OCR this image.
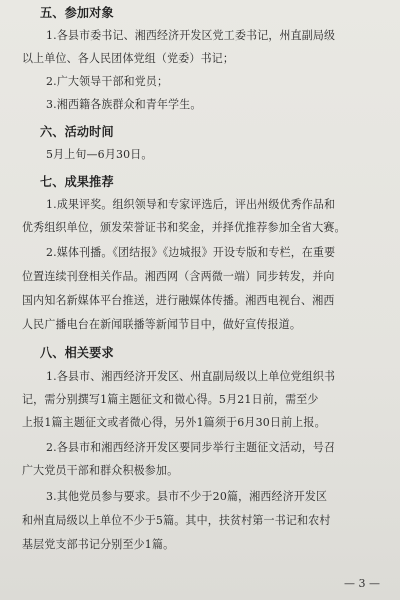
五、参加对象
1.各县市委书记、湘西经济开发区党工委书记，州直副局级
以上单位、各人民团体党组（党委）书记；
2.广大领导干部和党员；
3.湘西籍各族群众和青年学生。
六、活动时间
5月上旬—6月30日。
七、成果推荐
1.成果评奖。组织领导和专家评选后，评出州级优秀作品和
优秀组织单位，颁发荣誉证书和奖金，并择优推荐参加全省大赛。
2.媒体刊播。《团结报》《边城报》开设专版和专栏，在重要
位置连续刊登相关作品。湘西网（含两微一端）同步转发，并向
国内知名新媒体平台推送，进行融媒体传播。湘西电视台、湘西
人民广播电台在新闻联播等新闻节目中，做好宣传报道。
八、相关要求
1.各县市、湘西经济开发区、州直副局级以上单位党组织书
记，需分别撰写1篇主题征文和微心得。5月21日前，需至少
上报1篇主题征文或者微心得，另外1篇须于6月30日前上报。
2.各县市和湘西经济开发区要同步举行主题征文活动，号召
广大党员干部和群众积极参加。
3.其他党员参与要求。县市不少于20篇，湘西经济开发区
和州直局级以上单位不少于5篇。其中，扶贫村第一书记和农村
基层党支部书记分别至少1篇。
— 3 —
